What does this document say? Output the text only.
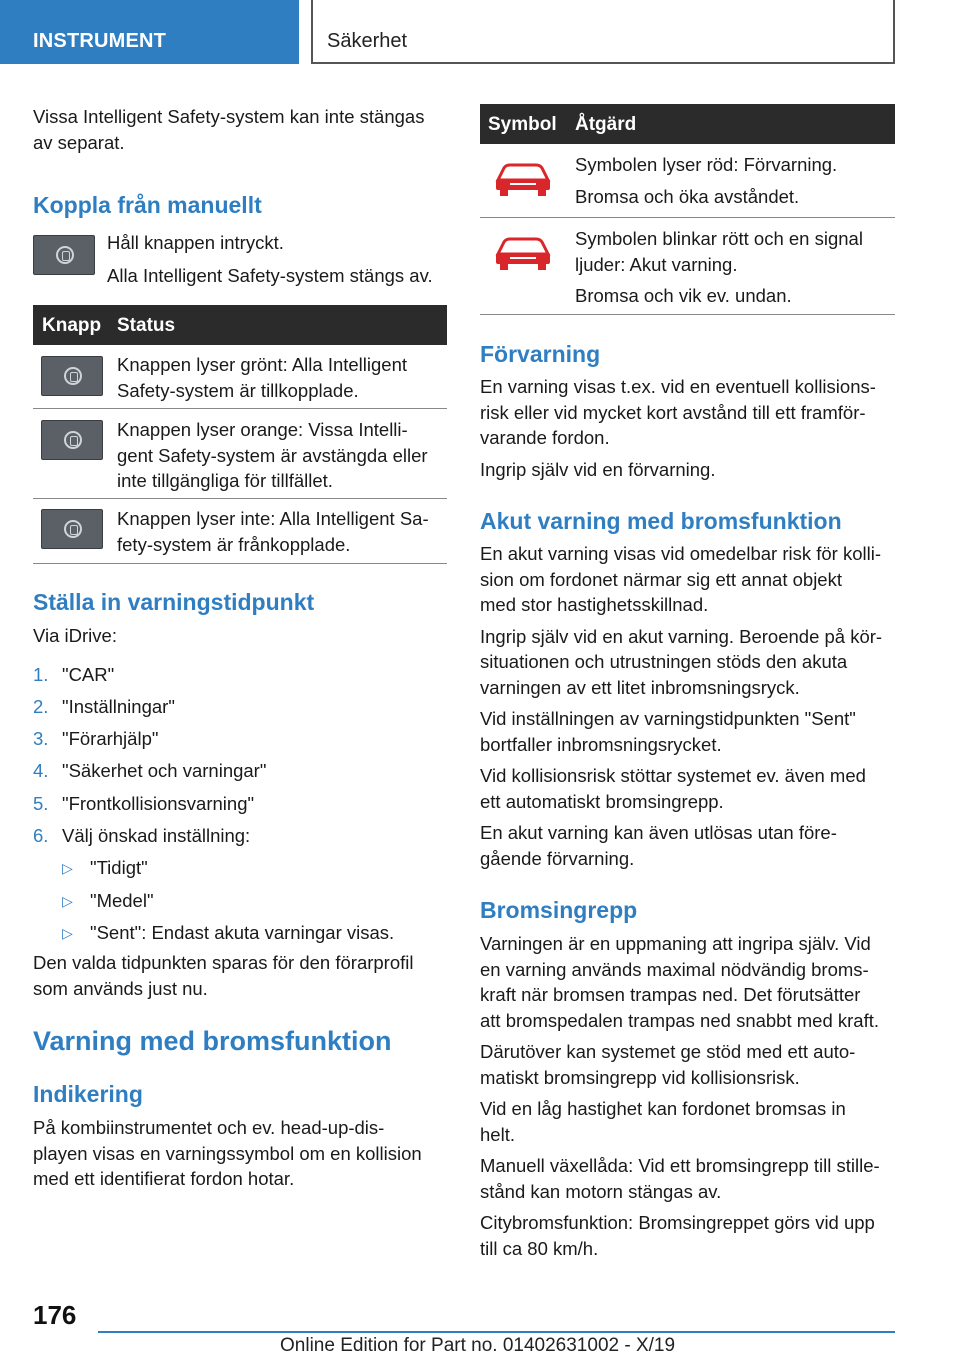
INSTRUMENT	Säkerhet
Vissa Intelligent Safety-system kan inte stängas
av separat.
Koppla från manuellt
Håll knappen intryckt.
Alla Intelligent Safety-system stängs av.
Knapp Status
Knappen lyser grönt: Alla Intelligent
Safety-system är tillkopplade.
Knappen lyser orange: Vissa Intelli-
gent Safety-system är avstängda eller
inte tillgängliga för tillfället.
Knappen lyser inte: Alla Intelligent Sa-
fety-system är frånkopplade.
Ställa in varningstidpunkt
Via iDrive:
1. "CAR"
2. "Inställningar"
3. "Förarhjälp"
4. "Säkerhet och varningar"
5. "Frontkollisionsvarning"
6. Välj önskad inställning:
▷ "Tidigt"
▷ "Medel"
▷ "Sent": Endast akuta varningar visas.
Den valda tidpunkten sparas för den förarprofil
som används just nu.
Varning med bromsfunktion
Indikering
På kombiinstrumentet och ev. head-up-dis-
playen visas en varningssymbol om en kollision
med ett identifierat fordon hotar.
Symbol Åtgärd
Symbolen lyser röd: Förvarning.
Bromsa och öka avståndet.
Symbolen blinkar rött och en signal
ljuder: Akut varning.
Bromsa och vik ev. undan.
Förvarning
En varning visas t.ex. vid en eventuell kollisions-
risk eller vid mycket kort avstånd till ett framför-
varande fordon.
Ingrip själv vid en förvarning.
Akut varning med bromsfunktion
En akut varning visas vid omedelbar risk för kolli-
sion om fordonet närmar sig ett annat objekt
med stor hastighetsskillnad.
Ingrip själv vid en akut varning. Beroende på kör-
situationen och utrustningen stöds den akuta
varningen av ett litet inbromsningsryck.
Vid inställningen av varningstidpunkten "Sent"
bortfaller inbromsningsrycket.
Vid kollisionsrisk stöttar systemet ev. även med
ett automatiskt bromsingrepp.
En akut varning kan även utlösas utan före-
gående förvarning.
Bromsingrepp
Varningen är en uppmaning att ingripa själv. Vid
en varning används maximal nödvändig broms-
kraft när bromsen trampas ned. Det förutsätter
att bromspedalen trampas ned snabbt med kraft.
Därutöver kan systemet ge stöd med ett auto-
matiskt bromsingrepp vid kollisionsrisk.
Vid en låg hastighet kan fordonet bromsas in
helt.
Manuell växellåda: Vid ett bromsingrepp till stille-
stånd kan motorn stängas av.
Citybromsfunktion: Bromsingreppet görs vid upp
till ca 80 km/h.
176
Online Edition for Part no. 01402631002 - X/19
